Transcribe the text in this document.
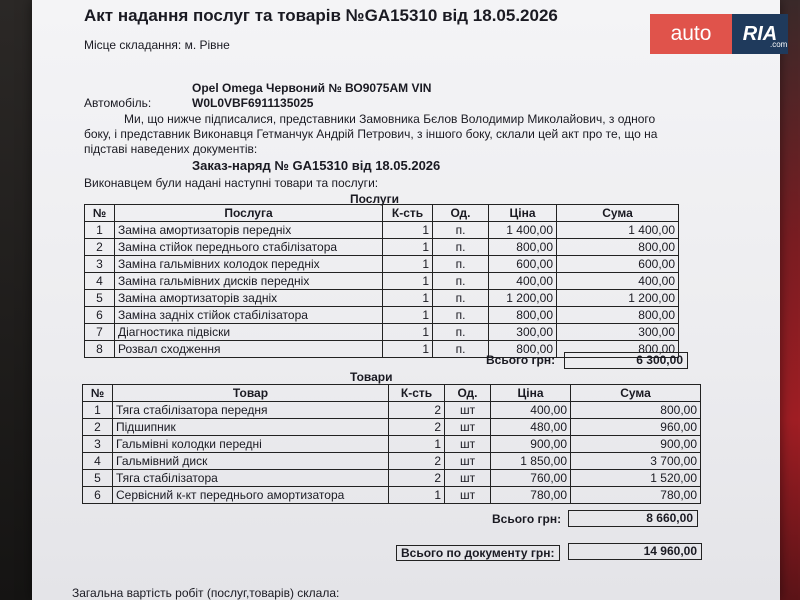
Акт надання послуг та товарів №GA15310 від 18.05.2026
Місце складання: м. Рівне
Opel Omega Червоний № ВО9075АМ VIN
Автомобіль:	W0L0VBF6911135025
Ми, що нижче підписалися, представники Замовника Бєлов Володимир Миколайович, з одного боку, і представник Виконавця Гетманчук Андрій Петрович, з іншого боку, склали цей акт про те, що на підставі наведених документів:
Заказ-наряд № GA15310 від 18.05.2026
Виконавцем були надані наступні товари та послуги:
Послуги
№	Послуга	К-сть	Од.	Ціна	Сума
1	Заміна амортизаторів передніх	1	п.	1 400,00	1 400,00
2	Заміна стійок переднього стабілізатора	1	п.	800,00	800,00
3	Заміна гальмівних колодок передніх	1	п.	600,00	600,00
4	Заміна гальмівних дисків передніх	1	п.	400,00	400,00
5	Заміна амортизаторів задніх	1	п.	1 200,00	1 200,00
6	Заміна задніх стійок стабілізатора	1	п.	800,00	800,00
7	Діагностика підвіски	1	п.	300,00	300,00
8	Розвал сходження	1	п.	800,00	800,00
Всього грн:	6 300,00
Товари
№	Товар	К-сть	Од.	Ціна	Сума
1	Тяга стабілізатора передня	2	шт	400,00	800,00
2	Підшипник	2	шт	480,00	960,00
3	Гальмівні колодки передні	1	шт	900,00	900,00
4	Гальмівний диск	2	шт	1 850,00	3 700,00
5	Тяга стабілізатора	2	шт	760,00	1 520,00
6	Сервісний к-кт переднього амортизатора	1	шт	780,00	780,00
Всього грн:	8 660,00
Всього по документу грн:	14 960,00
Загальна вартість робіт (послуг,товарів) склала:
auto	RIA
.com
